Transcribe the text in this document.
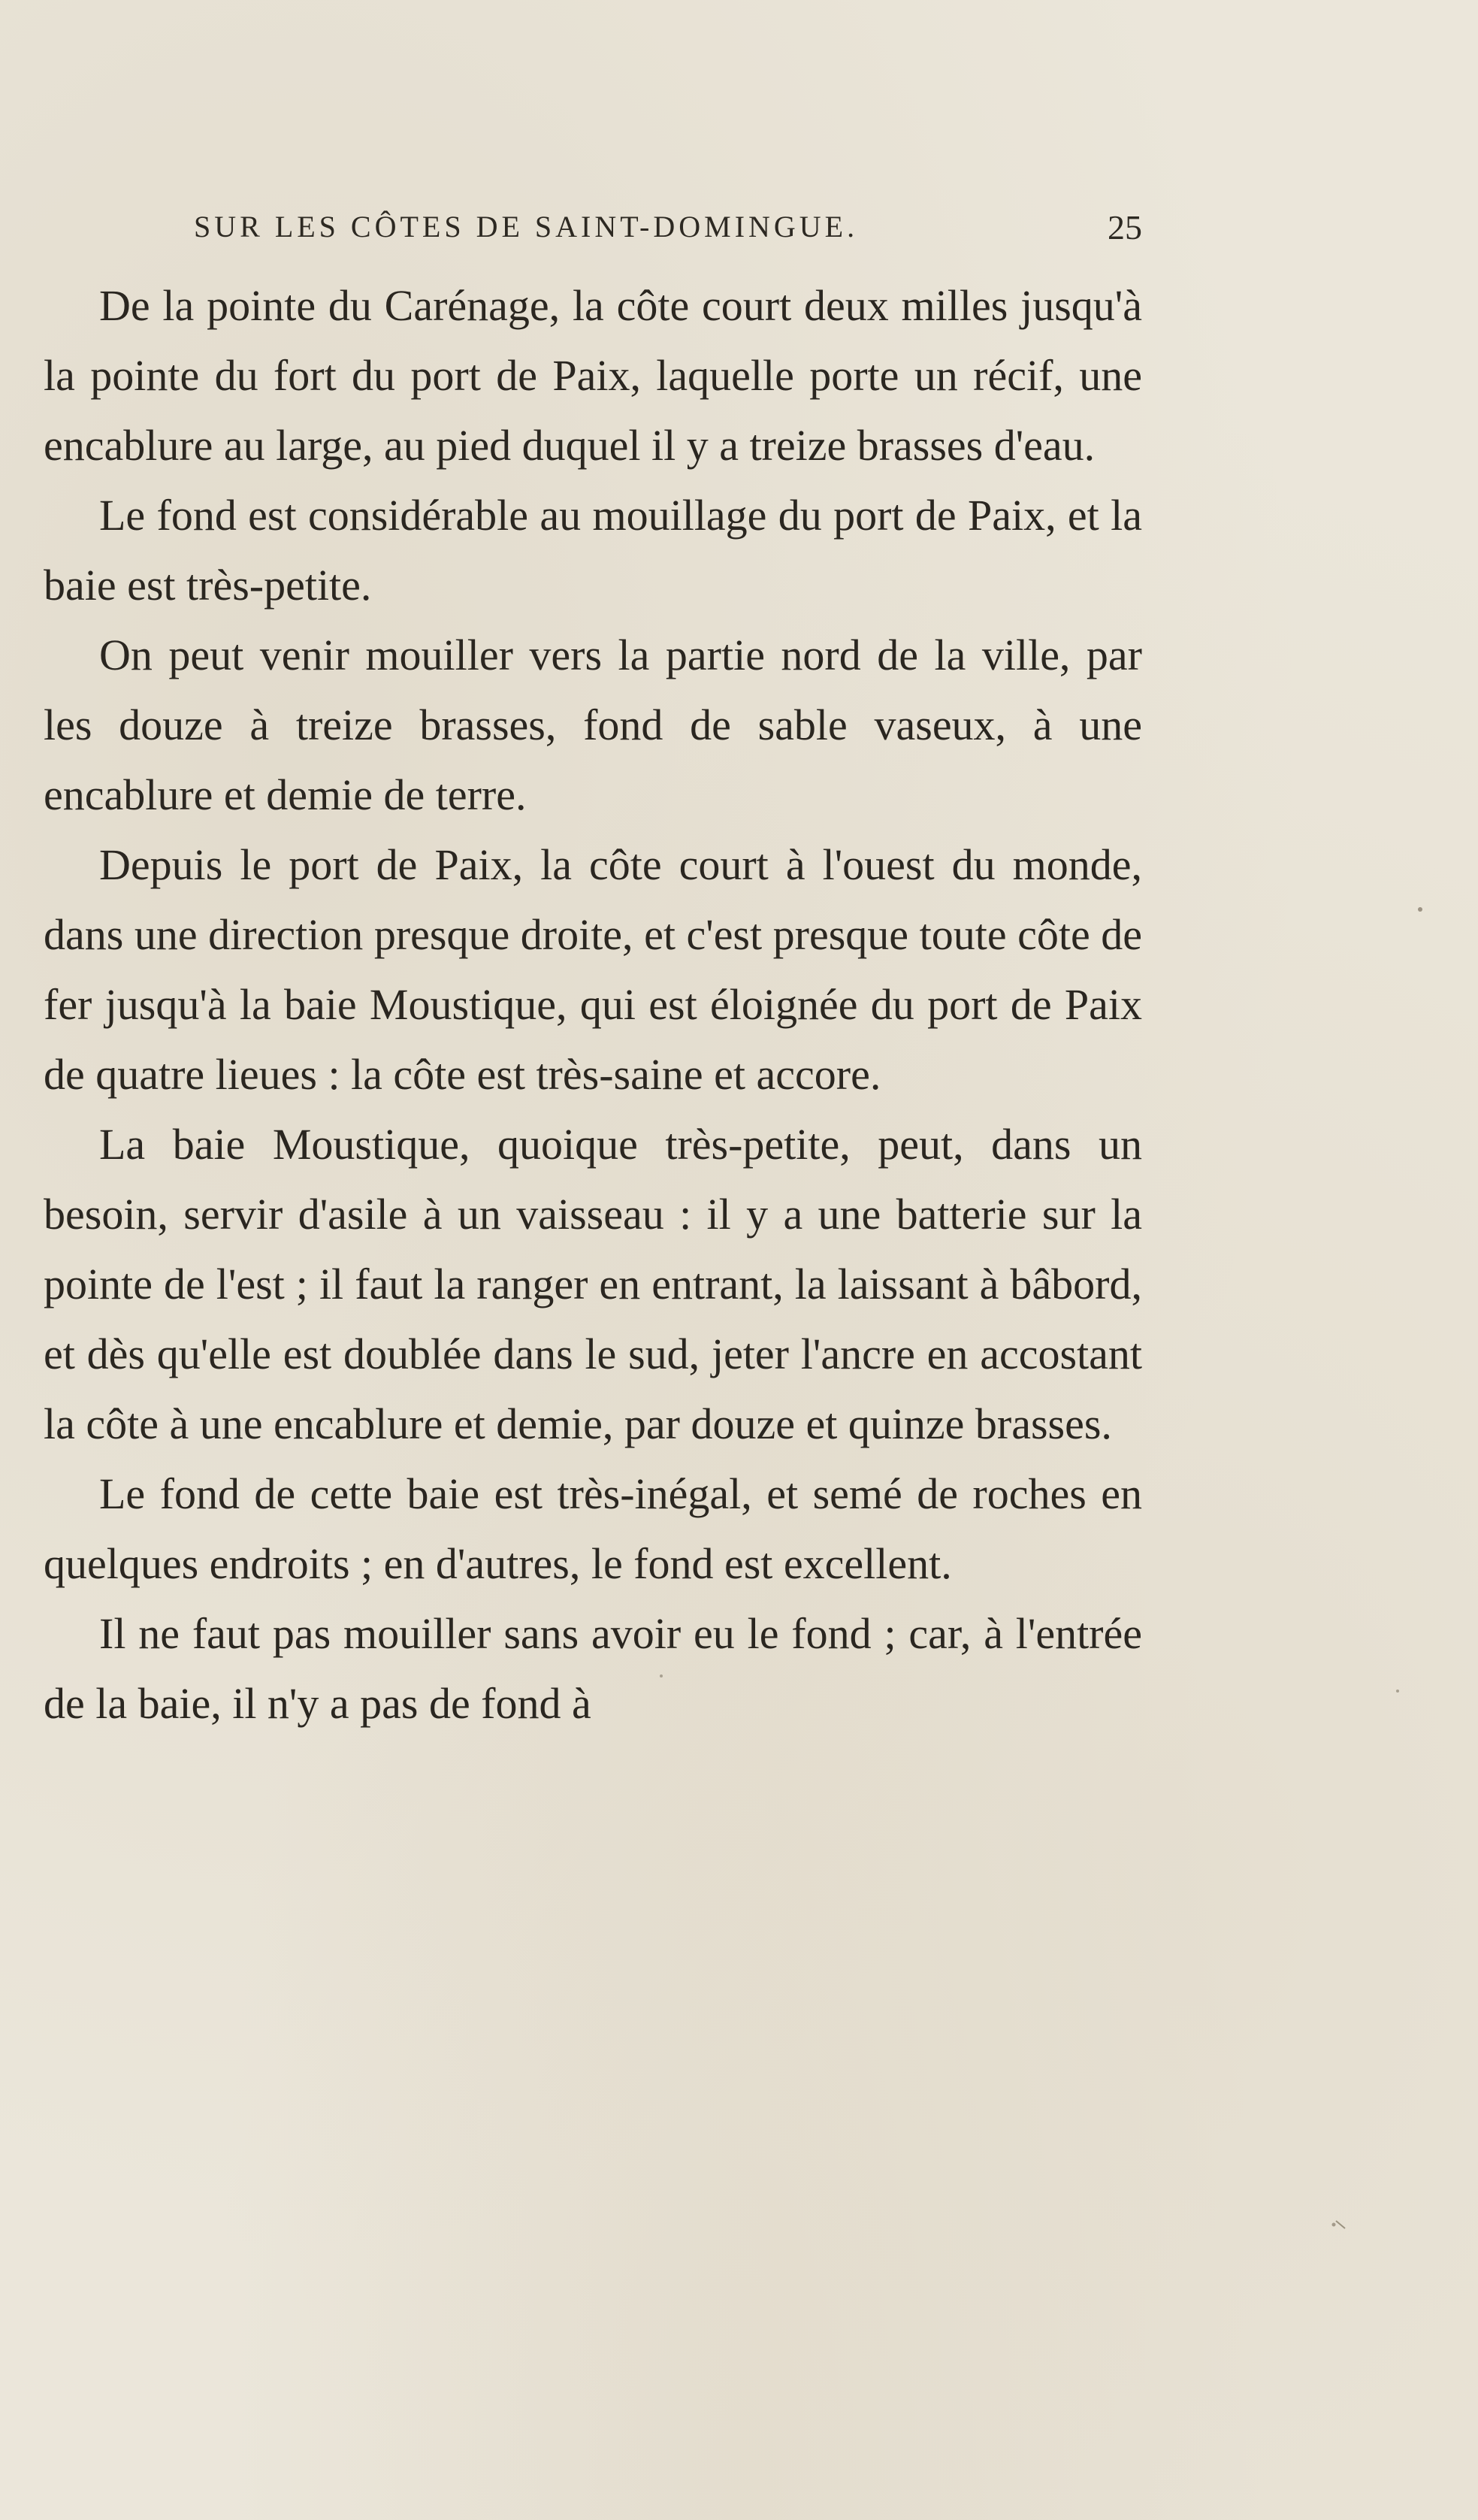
SUR LES CÔTES DE SAINT-DOMINGUE.	25

De la pointe du Carénage, la côte court deux milles jusqu'à la pointe du fort du port de Paix, laquelle porte un récif, une encablure au large, au pied duquel il y a treize brasses d'eau.

Le fond est considérable au mouillage du port de Paix, et la baie est très-petite.

On peut venir mouiller vers la partie nord de la ville, par les douze à treize brasses, fond de sable vaseux, à une encablure et demie de terre.

Depuis le port de Paix, la côte court à l'ouest du monde, dans une direction presque droite, et c'est presque toute côte de fer jusqu'à la baie Moustique, qui est éloignée du port de Paix de quatre lieues : la côte est très-saine et accore.

La baie Moustique, quoique très-petite, peut, dans un besoin, servir d'asile à un vaisseau : il y a une batterie sur la pointe de l'est ; il faut la ranger en entrant, la laissant à bâbord, et dès qu'elle est doublée dans le sud, jeter l'ancre en accostant la côte à une encablure et demie, par douze et quinze brasses.

Le fond de cette baie est très-inégal, et semé de roches en quelques endroits ; en d'autres, le fond est excellent.

Il ne faut pas mouiller sans avoir eu le fond ; car, à l'entrée de la baie, il n'y a pas de fond à
